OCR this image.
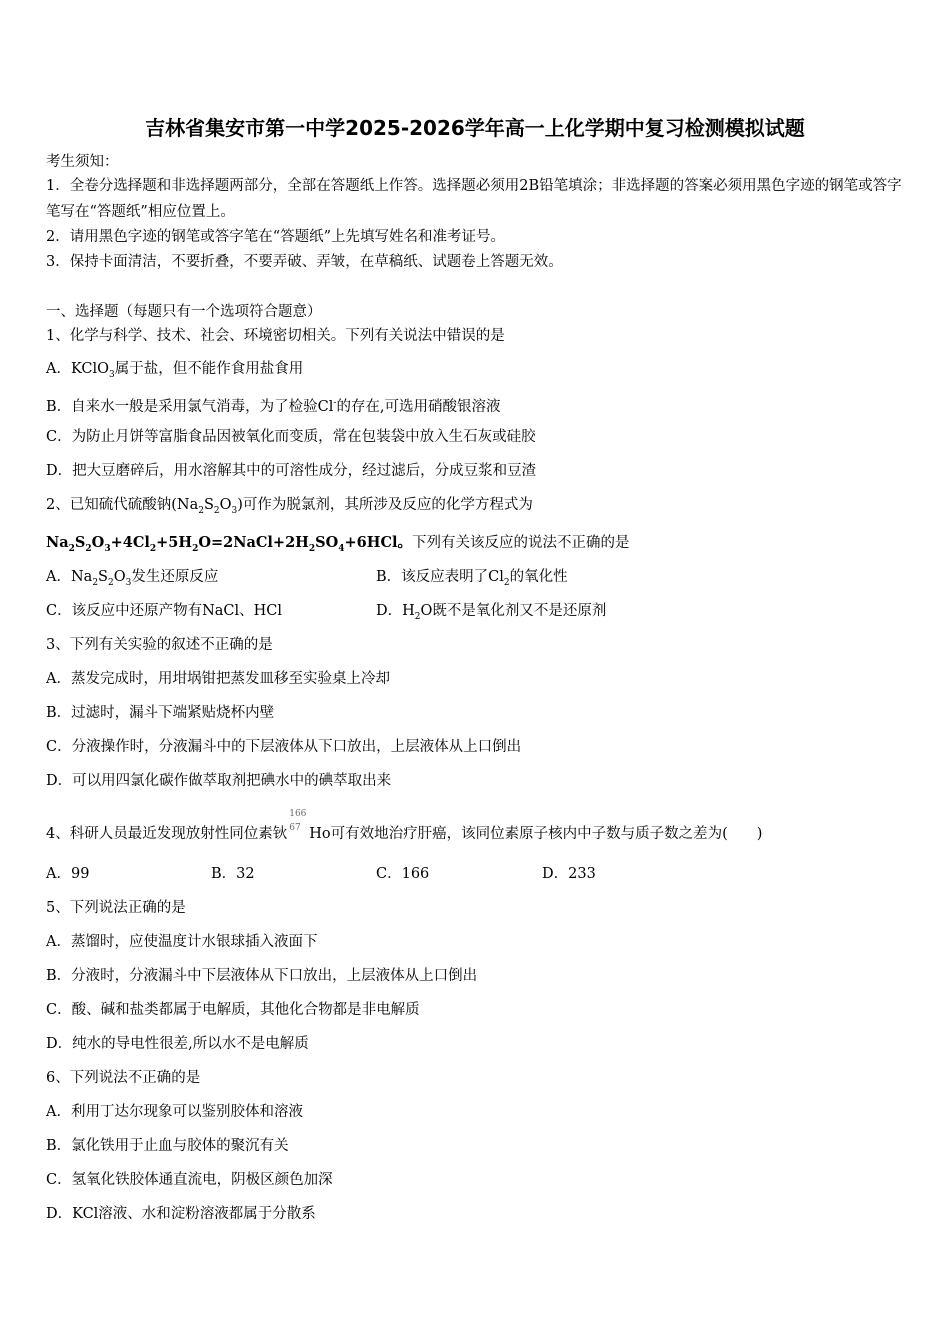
吉林省集安市第一中学2025-2026学年高一上化学期中复习检测模拟试题
考生须知：
1．全卷分选择题和非选择题两部分，全部在答题纸上作答。选择题必须用2B铅笔填涂；非选择题的答案必须用黑色字迹的钢笔或答字笔写在“答题纸”相应位置上。
2．请用黑色字迹的钢笔或答字笔在“答题纸”上先填写姓名和准考证号。
3．保持卡面清洁，不要折叠，不要弄破、弄皱，在草稿纸、试题卷上答题无效。
一、选择题（每题只有一个选项符合题意）
1、化学与科学、技术、社会、环境密切相关。下列有关说法中错误的是
A．KClO$_3$属于盐，但不能作食用盐食用
B．自来水一般是采用氯气消毒，为了检验Cl-的存在,可选用硝酸银溶液
C．为防止月饼等富脂食品因被氧化而变质，常在包装袋中放入生石灰或硅胶
D．把大豆磨碎后，用水溶解其中的可溶性成分，经过滤后，分成豆浆和豆渣
2、已知硫代硫酸钠$(Na_2S_2O_3)$可作为脱氯剂，其所涉及反应的化学方程式为
$Na_2S_2O_3+4Cl_2+5H_2O=2NaCl+2H_2SO_4+6HCl$。下列有关该反应的说法不正确的是
A．$Na_2S_2O_3$发生还原反应	B．该反应表明了$Cl_2$的氧化性
C．该反应中还原产物有NaCl、HCl	D．$H_2O$既不是氧化剂又不是还原剂
3、下列有关实验的叙述不正确的是
A．蒸发完成时，用坩埚钳把蒸发皿移至实验桌上冷却
B．过滤时，漏斗下端紧贴烧杯内壁
C．分液操作时，分液漏斗中的下层液体从下口放出，上层液体从上口倒出
D．可以用四氯化碳作做萃取剂把碘水中的碘萃取出来
4、科研人员最近发现放射性同位素钬
166
67 Ho可有效地治疗肝癌，该同位素原子核内中子数与质子数之差为(　　)
A．99	B．32	C．166	D．233
5、下列说法正确的是
A．蒸馏时，应使温度计水银球插入液面下
B．分液时，分液漏斗中下层液体从下口放出，上层液体从上口倒出
C．酸、碱和盐类都属于电解质，其他化合物都是非电解质
D．纯水的导电性很差,所以水不是电解质
6、下列说法不正确的是
A．利用丁达尔现象可以鉴别胶体和溶液
B．氯化铁用于止血与胶体的聚沉有关
C．氢氧化铁胶体通直流电，阴极区颜色加深
D．KCl溶液、水和淀粉溶液都属于分散系
